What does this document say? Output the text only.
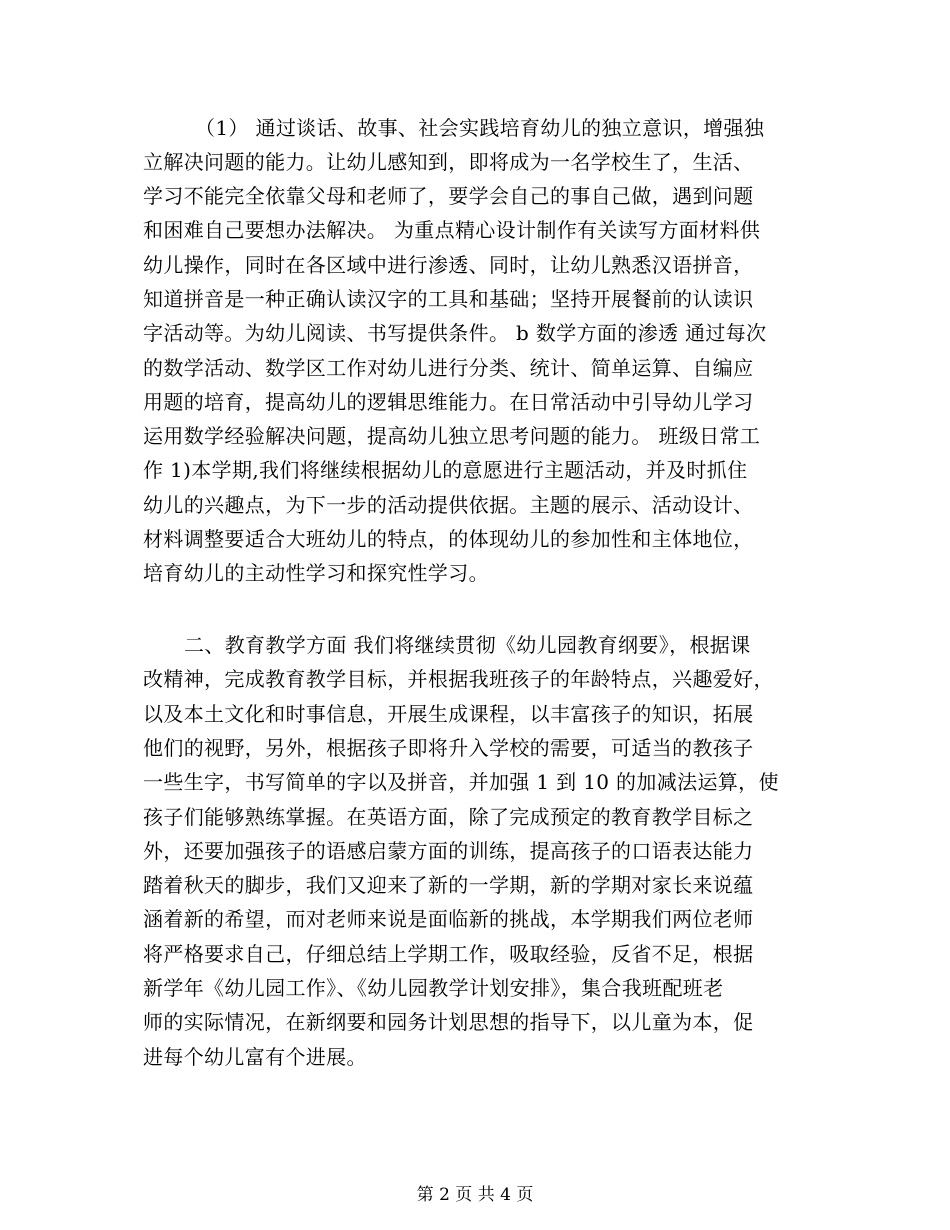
（1） 通过谈话、故事、社会实践培育幼儿的独立意识，增强独
立解决问题的能力。让幼儿感知到，即将成为一名学校生了，生活、
学习不能完全依靠父母和老师了，要学会自己的事自己做，遇到问题
和困难自己要想办法解决。 为重点精心设计制作有关读写方面材料供
幼儿操作，同时在各区域中进行渗透、同时，让幼儿熟悉汉语拼音，
知道拼音是一种正确认读汉字的工具和基础；坚持开展餐前的认读识
字活动等。为幼儿阅读、书写提供条件。 b 数学方面的渗透 通过每次
的数学活动、数学区工作对幼儿进行分类、统计、简单运算、自编应
用题的培育，提高幼儿的逻辑思维能力。在日常活动中引导幼儿学习
运用数学经验解决问题，提高幼儿独立思考问题的能力。 班级日常工
作 1)本学期,我们将继续根据幼儿的意愿进行主题活动，并及时抓住
幼儿的兴趣点，为下一步的活动提供依据。主题的展示、活动设计、
材料调整要适合大班幼儿的特点，的体现幼儿的参加性和主体地位，
培育幼儿的主动性学习和探究性学习。
二、教育教学方面 我们将继续贯彻《幼儿园教育纲要》，根据课
改精神，完成教育教学目标，并根据我班孩子的年龄特点，兴趣爱好，
以及本土文化和时事信息，开展生成课程，以丰富孩子的知识，拓展
他们的视野，另外，根据孩子即将升入学校的需要，可适当的教孩子
一些生字，书写简单的字以及拼音，并加强 1 到 10 的加减法运算，使
孩子们能够熟练掌握。在英语方面，除了完成预定的教育教学目标之
外，还要加强孩子的语感启蒙方面的训练，提高孩子的口语表达能力
踏着秋天的脚步，我们又迎来了新的一学期，新的学期对家长来说蕴
涵着新的希望，而对老师来说是面临新的挑战，本学期我们两位老师
将严格要求自己，仔细总结上学期工作，吸取经验，反省不足，根据
新学年《幼儿园工作》、《幼儿园教学计划安排》，集合我班配班老
师的实际情况，在新纲要和园务计划思想的指导下，以儿童为本，促
进每个幼儿富有个进展。
第 2 页 共 4 页
